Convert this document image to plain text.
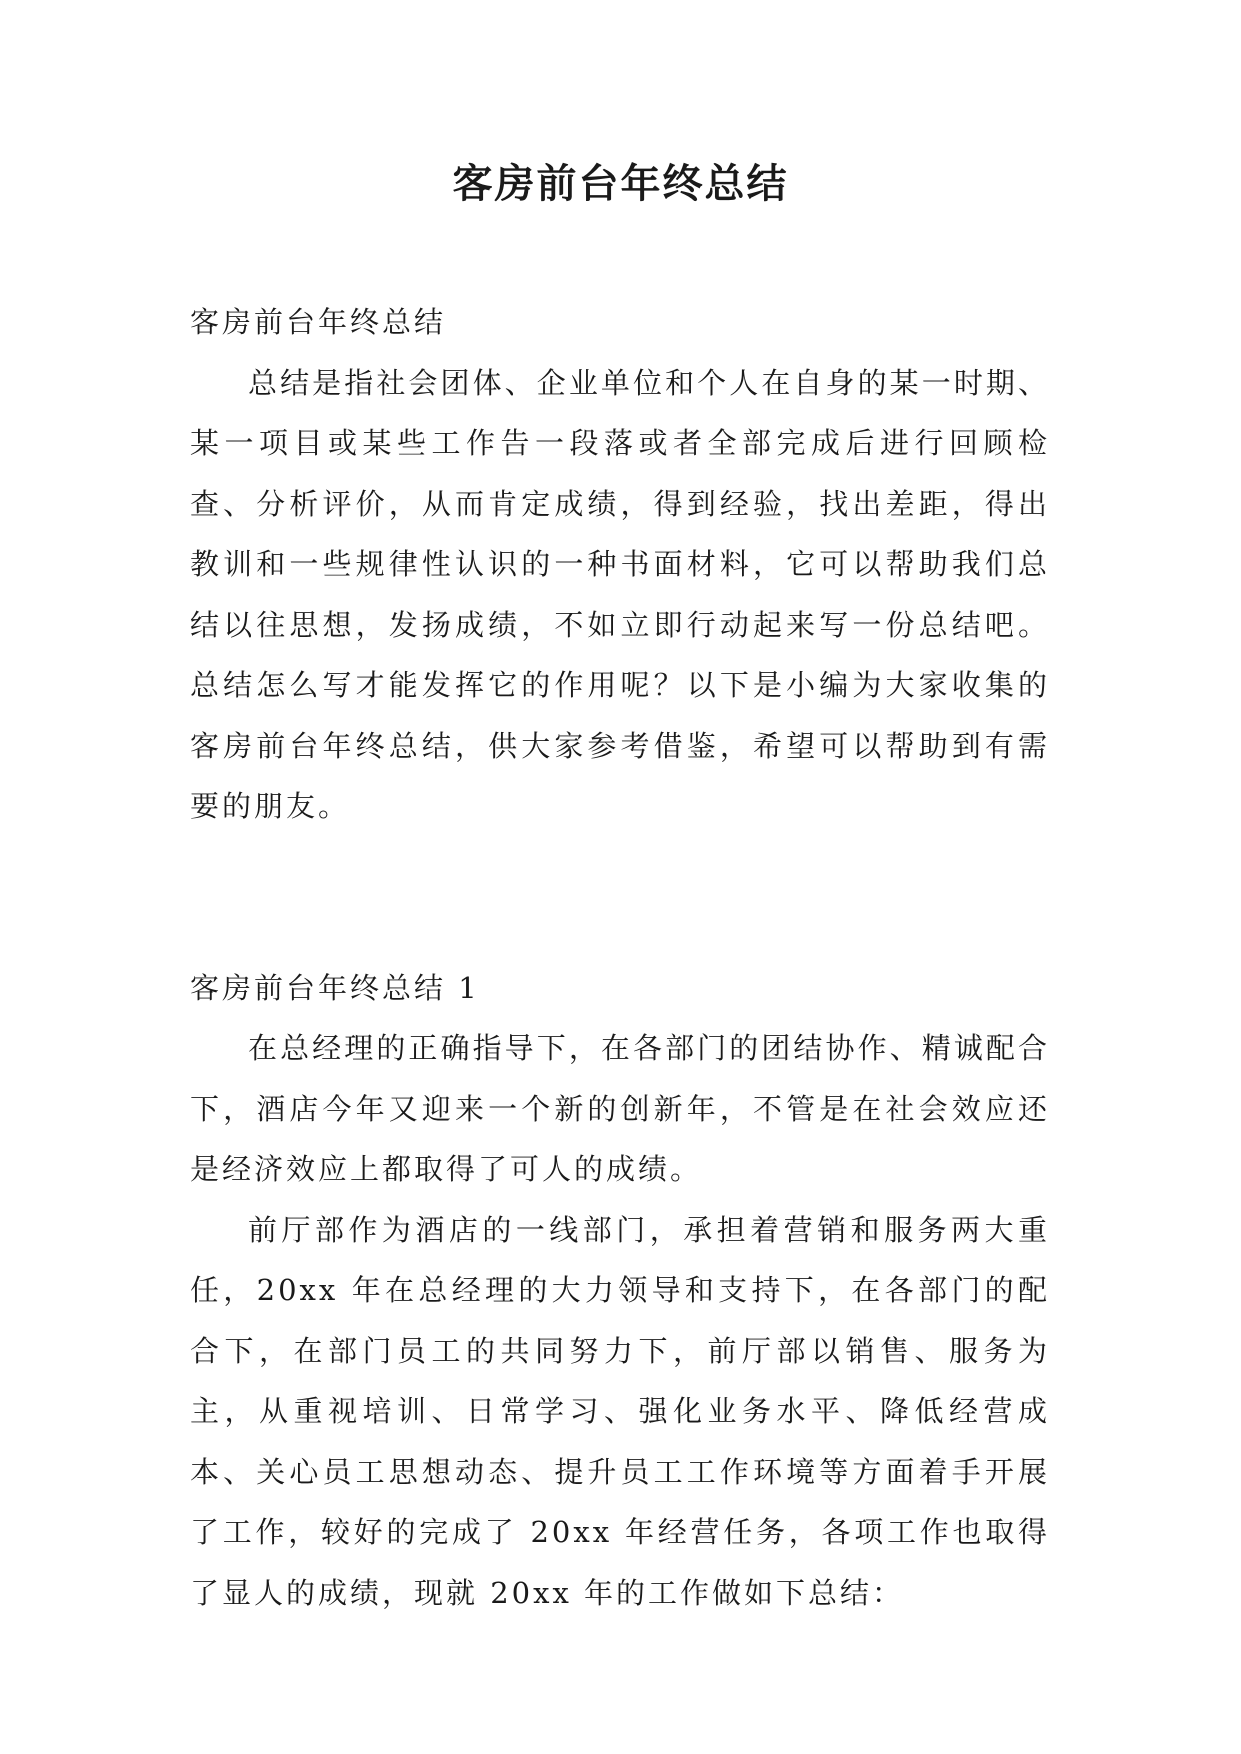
客房前台年终总结

客房前台年终总结

总结是指社会团体、企业单位和个人在自身的某一时期、某一项目或某些工作告一段落或者全部完成后进行回顾检查、分析评价，从而肯定成绩，得到经验，找出差距，得出教训和一些规律性认识的一种书面材料，它可以帮助我们总结以往思想，发扬成绩，不如立即行动起来写一份总结吧。总结怎么写才能发挥它的作用呢？以下是小编为大家收集的客房前台年终总结，供大家参考借鉴，希望可以帮助到有需要的朋友。

客房前台年终总结 1

在总经理的正确指导下，在各部门的团结协作、精诚配合下，酒店今年又迎来一个新的创新年，不管是在社会效应还是经济效应上都取得了可人的成绩。

前厅部作为酒店的一线部门，承担着营销和服务两大重任，20xx 年在总经理的大力领导和支持下，在各部门的配合下，在部门员工的共同努力下，前厅部以销售、服务为主，从重视培训、日常学习、强化业务水平、降低经营成本、关心员工思想动态、提升员工工作环境等方面着手开展了工作，较好的完成了 20xx 年经营任务，各项工作也取得了显人的成绩，现就 20xx 年的工作做如下总结：
